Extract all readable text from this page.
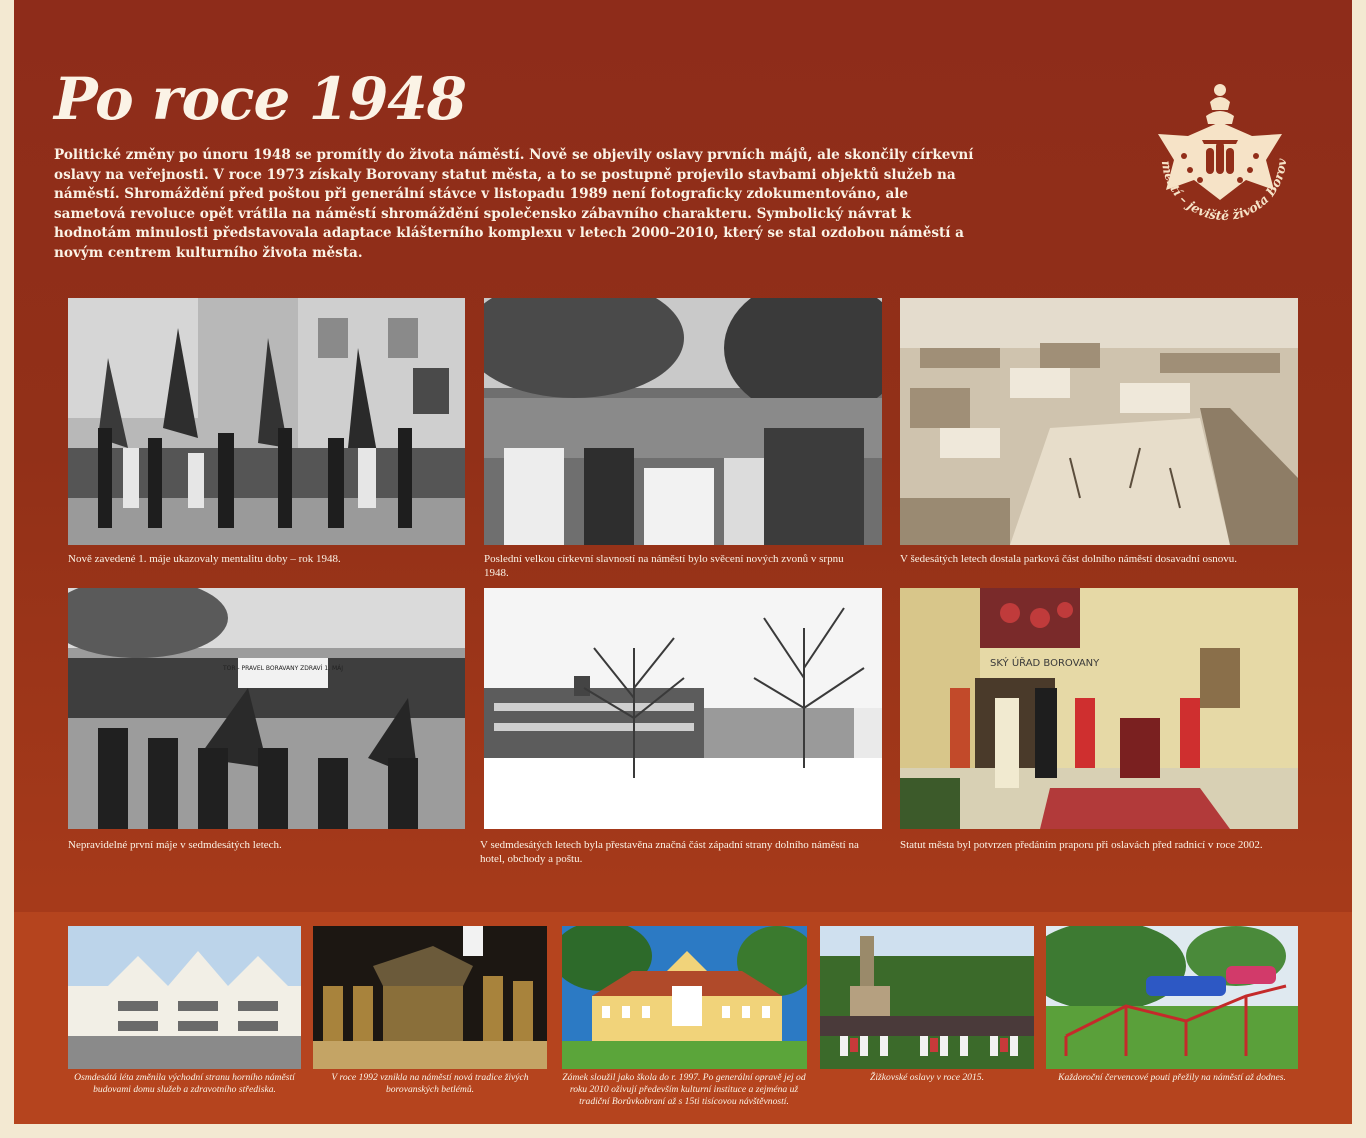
Po roce 1948

Politické změny po únoru 1948 se promítly do života náměstí. Nově se objevily oslavy prvních májů, ale skončily církevní oslavy na veřejnosti. V roce 1973 získaly Borovany statut města, a to se postupně projevilo stavbami objektů služeb na náměstí. Shromáždění před poštou při generální stávce v listopadu 1989 není fotograficky zdokumentováno, ale sametová revoluce opět vrátila na náměstí shromáždění společensko zábavního charakteru. Symbolický návrat k hodnotám minulosti představovala adaptace klášterního komplexu v letech 2000–2010, který se stal ozdobou náměstí a novým centrem kulturního života města.

městí – jeviště života Borov

Nově zavedené 1. máje ukazovaly mentalitu doby – rok 1948.	Poslední velkou církevní slavností na náměstí bylo svěcení nových zvonů v srpnu 1948.

V šedesátých letech dostala parková část dolního náměstí dosavadní osnovu.

TOR - PRAVEL BORAVANY ZDRAVÍ 1. MÁJ

Nepravidelné první máje v sedmdesátých letech.	V sedmdesátých letech byla přestavěna značná část západní strany dolního náměstí na hotel, obchody a poštu.

SKÝ ÚŘAD BOROVANY

Statut města byl potvrzen předáním praporu při oslavách před radnicí v roce 2002.

Osmdesátá léta změnila východní stranu horního náměstí budovami domu služeb a zdravotního střediska.

V roce 1992 vznikla na náměstí nová tradice živých borovanských betlémů.

Zámek sloužil jako škola do r. 1997. Po generální opravě jej od roku 2010 oživují především kulturní instituce a zejména už tradiční Borůvkobraní až s 15ti tisícovou návštěvností.

Žižkovské oslavy v roce 2015.	Každoroční červencové pouti přežily na náměstí až dodnes.
